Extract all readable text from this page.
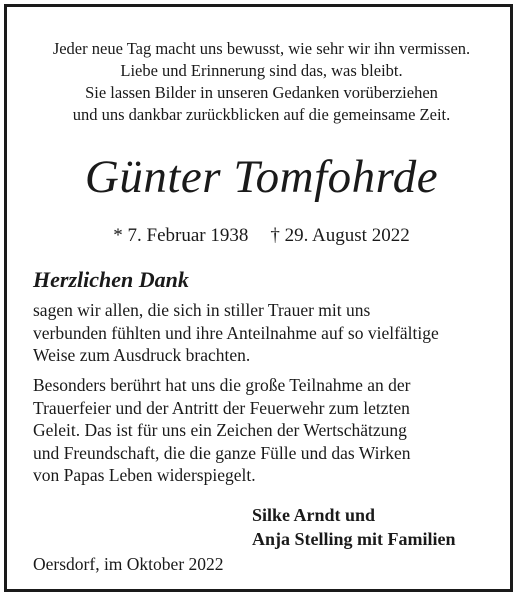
Jeder neue Tag macht uns bewusst, wie sehr wir ihn vermissen.
Liebe und Erinnerung sind das, was bleibt.
Sie lassen Bilder in unseren Gedanken vorüberziehen
und uns dankbar zurückblicken auf die gemeinsame Zeit.
Günter Tomfohrde
* 7. Februar 1938 † 29. August 2022
Herzlichen Dank
sagen wir allen, die sich in stiller Trauer mit uns
verbunden fühlten und ihre Anteilnahme auf so vielfältige
Weise zum Ausdruck brachten.
Besonders berührt hat uns die große Teilnahme an der
Trauerfeier und der Antritt der Feuerwehr zum letzten
Geleit. Das ist für uns ein Zeichen der Wertschätzung
und Freundschaft, die die ganze Fülle und das Wirken
von Papas Leben widerspiegelt.
Silke Arndt und
Anja Stelling mit Familien
Oersdorf, im Oktober 2022
